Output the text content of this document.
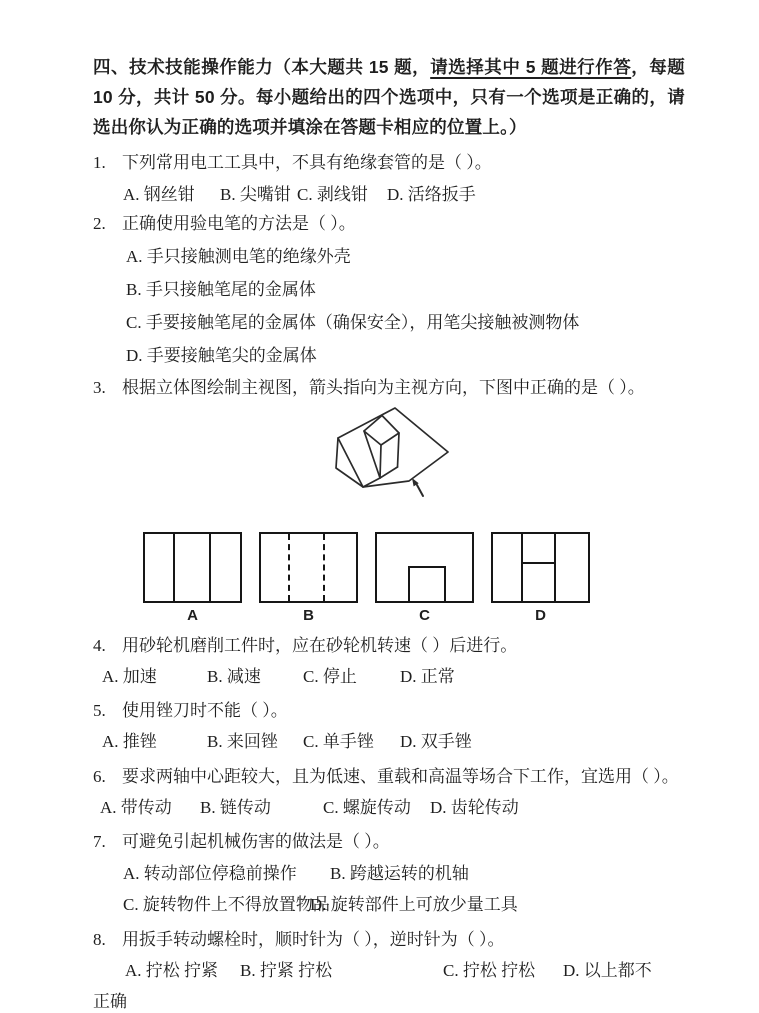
四、技术技能操作能力（本大题共 15 题，请选择其中 5 题进行作答，每题 10 分，共计 50 分。每小题给出的四个选项中，只有一个选项是正确的，请选出你认为正确的选项并填涂在答题卡相应的位置上。）

1. 下列常用电工工具中，不具有绝缘套管的是（ ）。
A. 钢丝钳	B. 尖嘴钳 C. 剥线钳	D. 活络扳手
2. 正确使用验电笔的方法是（ ）。
A. 手只接触测电笔的绝缘外壳
B. 手只接触笔尾的金属体
C. 手要接触笔尾的金属体（确保安全），用笔尖接触被测物体
D. 手要接触笔尖的金属体
3. 根据立体图绘制主视图，箭头指向为主视方向，下图中正确的是（ ）。
A	B	C	D
4. 用砂轮机磨削工件时，应在砂轮机转速（ ）后进行。
A. 加速	B. 减速	C. 停止	D. 正常
5. 使用锉刀时不能（ ）。
A. 推锉	B. 来回锉	C. 单手锉	D. 双手锉
6. 要求两轴中心距较大，且为低速、重载和高温等场合下工作，宜选用（ ）。
A. 带传动	B. 链传动	C. 螺旋传动	D. 齿轮传动
7. 可避免引起机械伤害的做法是（ ）。
A. 转动部位停稳前操作	B. 跨越运转的机轴
C. 旋转物件上不得放置物品
D. 旋转部件上可放少量工具
8. 用扳手转动螺栓时，顺时针为（ ），逆时针为（ ）。
A. 拧松 拧紧	B. 拧紧 拧松	C. 拧松 拧松	D. 以上都不
正确
